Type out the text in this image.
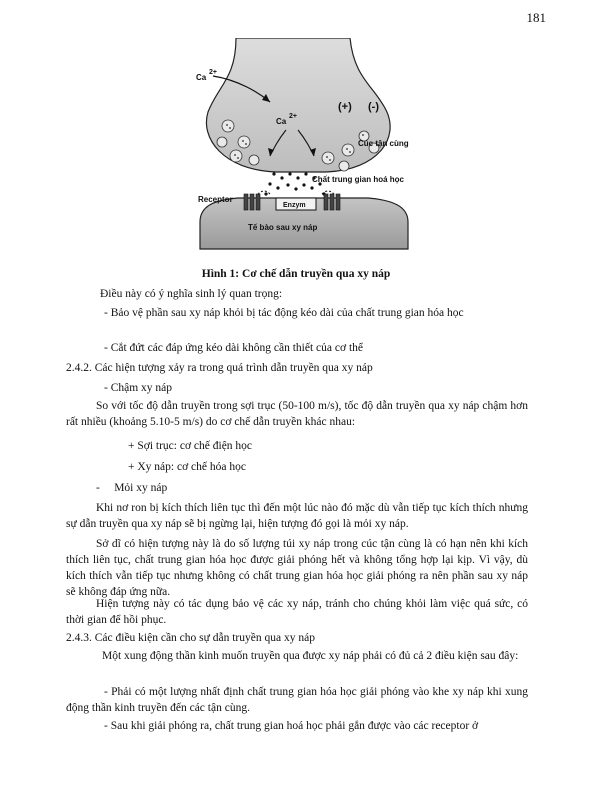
181
Ca
2+
Ca
2+
(+) (-)
Cúc tận cùng
Chất trung gian hoá học
Receptor
Enzym
Tế bào sau xy náp
Hình 1: Cơ chế dẫn truyền qua xy náp
Điều này có ý nghĩa sinh lý quan trọng:
- Bảo vệ phần sau xy náp khỏi bị tác động kéo dài của chất trung gian hóa học
- Cắt đứt các đáp ứng kéo dài không cần thiết của cơ thể
2.4.2. Các hiện tượng xảy ra trong quá trình dẫn truyền qua xy náp
- Chậm xy náp
So với tốc độ dẫn truyền trong sợi trục (50-100 m/s), tốc độ dẫn truyền qua xy náp chậm hơn rất nhiều (khoảng 5.10-5 m/s) do cơ chế dẫn truyền khác nhau:
+ Sợi trục: cơ chế điện học
+ Xy náp: cơ chế hóa học
-     Mỏi xy náp
Khi nơ ron bị kích thích liên tục thì đến một lúc nào đó mặc dù vẫn tiếp tục kích thích nhưng sự dẫn truyền qua xy náp sẽ bị ngừng lại, hiện tượng đó gọi là mỏi xy náp.
Sở dĩ có hiện tượng này là do số lượng túi xy náp trong cúc tận cùng là có hạn nên khi kích thích liên tục, chất trung gian hóa học được giải phóng hết và không tổng hợp lại kịp. Vì vậy, dù kích thích vẫn tiếp tục nhưng không có chất trung gian hóa học giải phóng ra nên phần sau xy náp sẽ không đáp ứng nữa.
Hiện tượng này có tác dụng bảo vệ các xy náp, tránh cho chúng khỏi làm việc quá sức, có thời gian để hồi phục.
2.4.3. Các điều kiện cần cho sự dẫn truyền qua xy náp
Một xung động thần kinh muốn truyền qua được xy náp phải có đủ cả 2 điều kiện sau đây:
- Phải có một lượng nhất định chất trung gian hóa học giải phóng vào khe xy náp khi xung động thần kinh truyền đến các tận cùng.
- Sau khi giải phóng ra, chất trung gian hoá học phải gắn được vào các receptor ở
